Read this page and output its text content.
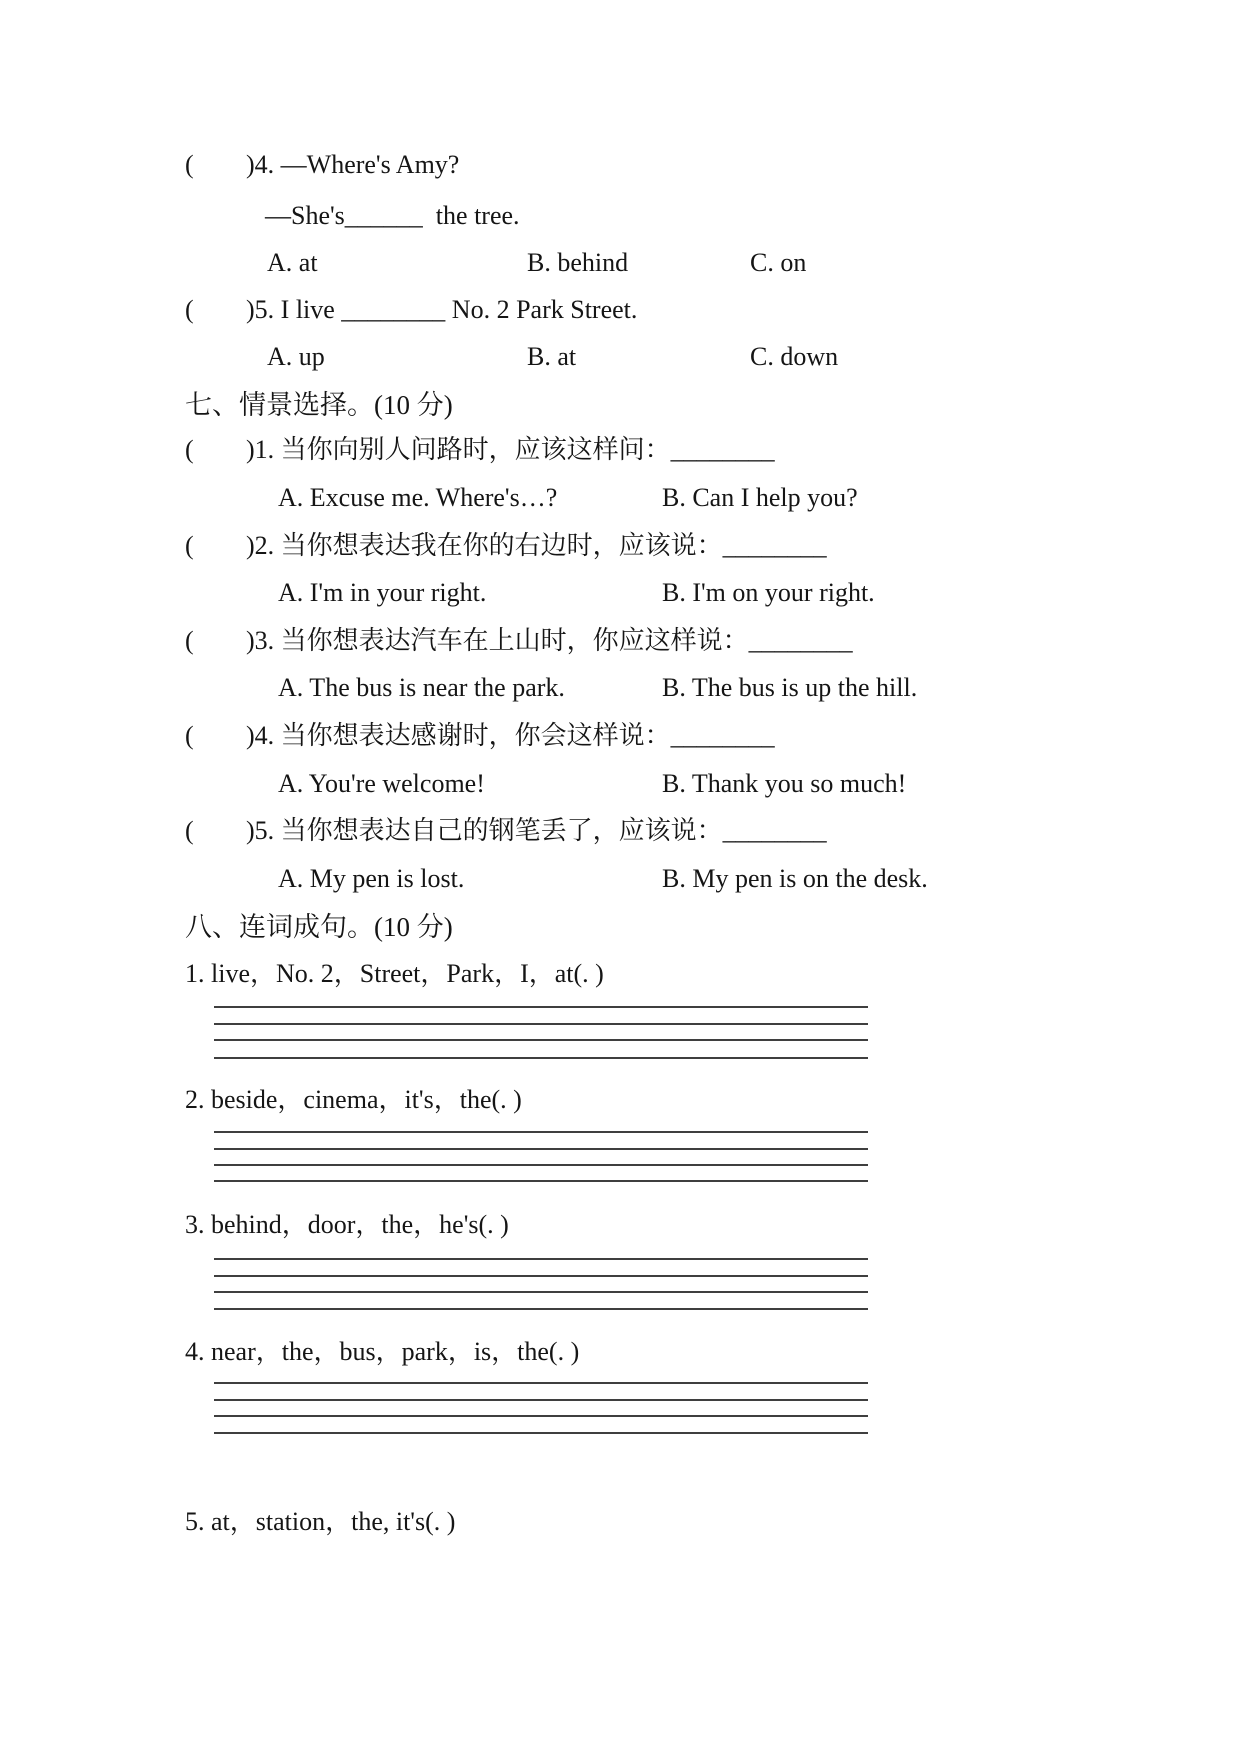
(

)4. —Where's Amy?

—She's______  the tree.

A. at

	B. behind

	C. on

(

)5. I live ________ No. 2 Park Street.

A. up

	B. at

	C. down

七、情景选择。(10 分)

(

)1. 当你向别人问路时，应该这样问：________

A. Excuse me. Where's…?

	B. Can I help you?

(

)2. 当你想表达我在你的右边时，应该说：________

A. I'm in your right.

	B. I'm on your right.

(

)3. 当你想表达汽车在上山时，你应这样说：________

A. The bus is near the park.

	B. The bus is up the hill.

(

)4. 当你想表达感谢时，你会这样说：________

A. You're welcome!

	B. Thank you so much!

(

)5. 当你想表达自己的钢笔丢了，应该说：________

A. My pen is lost.

	B. My pen is on the desk.

八、连词成句。(10 分)

1. live，No. 2，Street，Park，I，at(. )

2. beside，cinema，it's，the(. )

3. behind，door，the，he's(. )

4. near，the，bus，park，is，the(. )

5. at，station，the, it's(. )
